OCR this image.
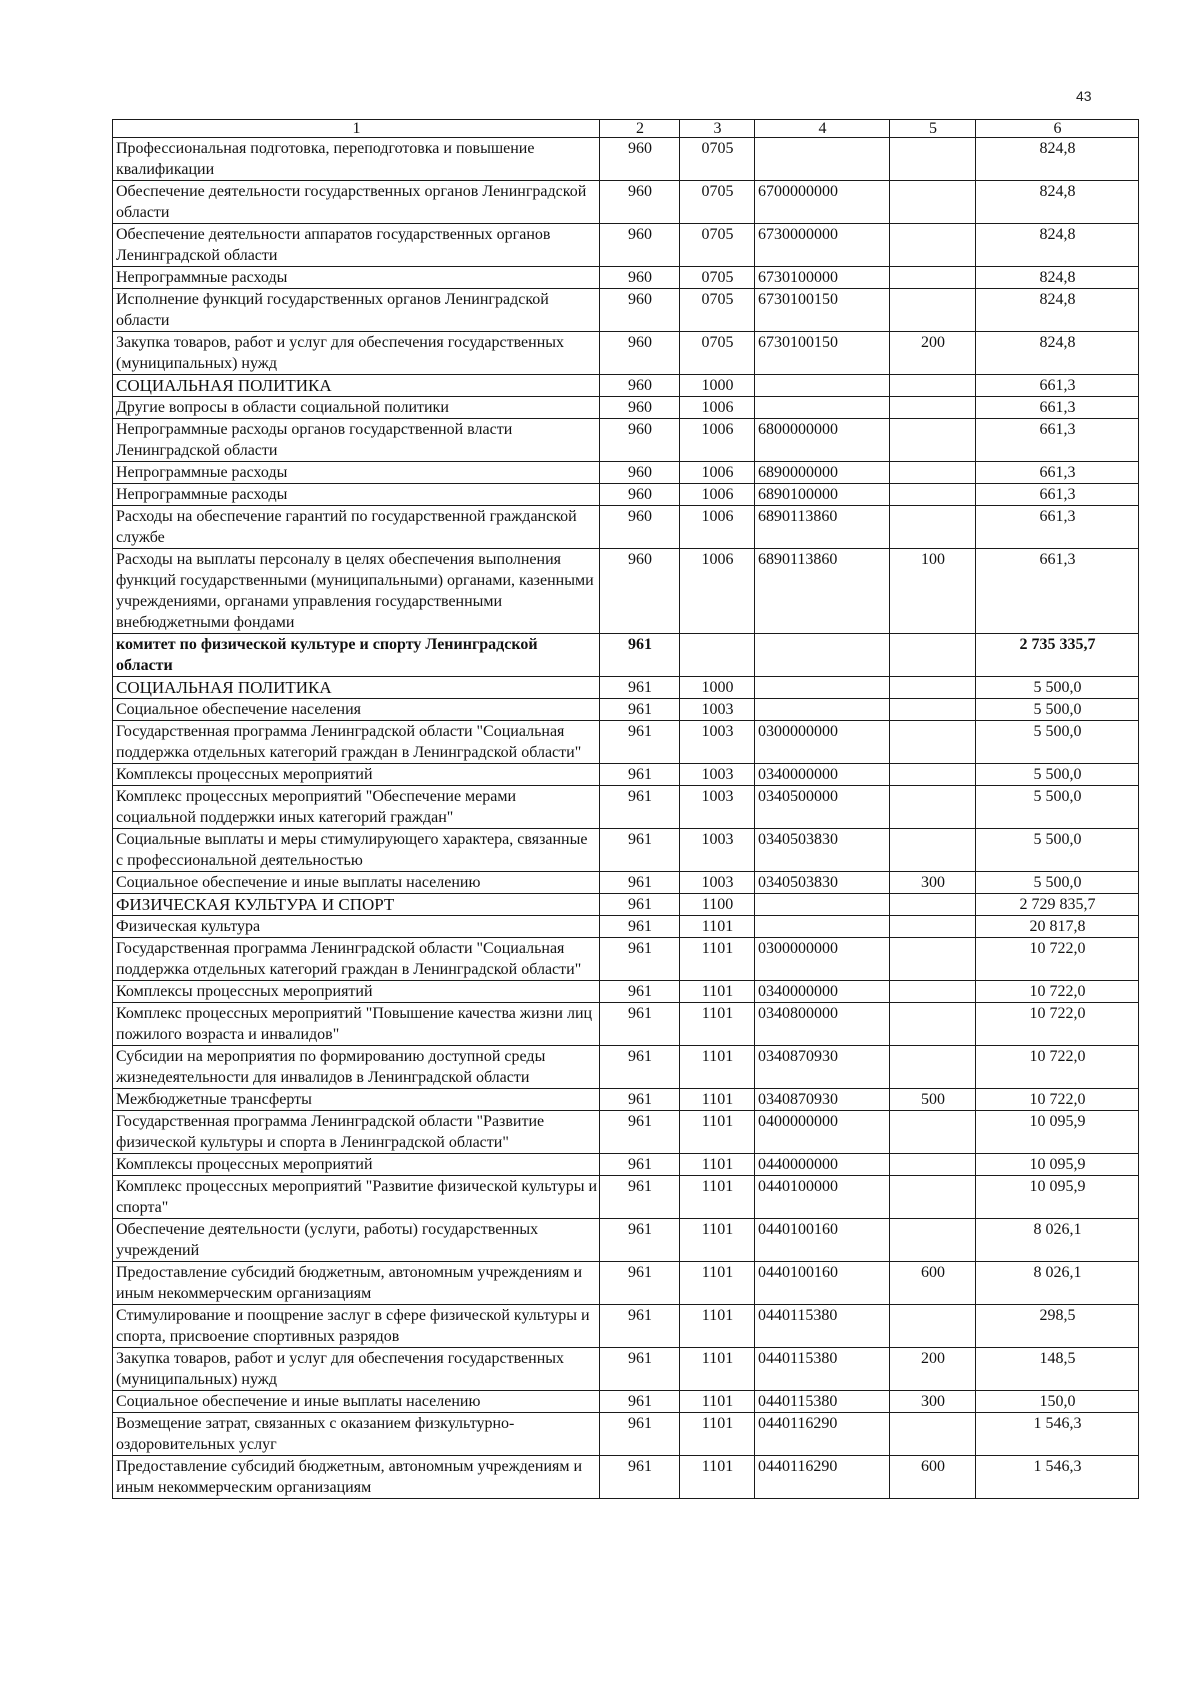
43
1	2	3	4	5	6
Профессиональная подготовка, переподготовка и повышение квалификации	960	0705			824,8
Обеспечение деятельности государственных органов Ленинградской области	960	0705	6700000000		824,8
Обеспечение деятельности аппаратов государственных органов Ленинградской области	960	0705	6730000000		824,8
Непрограммные расходы	960	0705	6730100000		824,8
Исполнение функций государственных органов Ленинградской области	960	0705	6730100150		824,8
Закупка товаров, работ и услуг для обеспечения государственных (муниципальных) нужд	960	0705	6730100150	200	824,8
СОЦИАЛЬНАЯ ПОЛИТИКА	960	1000			661,3
Другие вопросы в области социальной политики	960	1006			661,3
Непрограммные расходы органов государственной власти Ленинградской области	960	1006	6800000000		661,3
Непрограммные расходы	960	1006	6890000000		661,3
Непрограммные расходы	960	1006	6890100000		661,3
Расходы на обеспечение гарантий по государственной гражданской службе	960	1006	6890113860		661,3
Расходы на выплаты персоналу в целях обеспечения выполнения функций государственными (муниципальными) органами, казенными учреждениями, органами управления государственными внебюджетными фондами	960	1006	6890113860	100	661,3
комитет по физической культуре и спорту Ленинградской области	961				2 735 335,7
СОЦИАЛЬНАЯ ПОЛИТИКА	961	1000			5 500,0
Социальное обеспечение населения	961	1003			5 500,0
Государственная программа Ленинградской области "Социальная поддержка отдельных категорий граждан в Ленинградской области"	961	1003	0300000000		5 500,0
Комплексы процессных мероприятий	961	1003	0340000000		5 500,0
Комплекс процессных мероприятий "Обеспечение мерами социальной поддержки иных категорий граждан"	961	1003	0340500000		5 500,0
Социальные выплаты и меры стимулирующего характера, связанные с профессиональной деятельностью	961	1003	0340503830		5 500,0
Социальное обеспечение и иные выплаты населению	961	1003	0340503830	300	5 500,0
ФИЗИЧЕСКАЯ КУЛЬТУРА И СПОРТ	961	1100			2 729 835,7
Физическая культура	961	1101			20 817,8
Государственная программа Ленинградской области "Социальная поддержка отдельных категорий граждан в Ленинградской области"	961	1101	0300000000		10 722,0
Комплексы процессных мероприятий	961	1101	0340000000		10 722,0
Комплекс процессных мероприятий "Повышение качества жизни лиц пожилого возраста и инвалидов"	961	1101	0340800000		10 722,0
Субсидии на мероприятия по формированию доступной среды жизнедеятельности для инвалидов в Ленинградской области	961	1101	0340870930		10 722,0
Межбюджетные трансферты	961	1101	0340870930	500	10 722,0
Государственная программа Ленинградской области "Развитие физической культуры и спорта в Ленинградской области"	961	1101	0400000000		10 095,9
Комплексы процессных мероприятий	961	1101	0440000000		10 095,9
Комплекс процессных мероприятий "Развитие физической культуры и спорта"	961	1101	0440100000		10 095,9
Обеспечение деятельности (услуги, работы) государственных учреждений	961	1101	0440100160		8 026,1
Предоставление субсидий бюджетным, автономным учреждениям и иным некоммерческим организациям	961	1101	0440100160	600	8 026,1
Стимулирование и поощрение заслуг в сфере физической культуры и спорта, присвоение спортивных разрядов	961	1101	0440115380		298,5
Закупка товаров, работ и услуг для обеспечения государственных (муниципальных) нужд	961	1101	0440115380	200	148,5
Социальное обеспечение и иные выплаты населению	961	1101	0440115380	300	150,0
Возмещение затрат, связанных с оказанием физкультурно-оздоровительных услуг	961	1101	0440116290		1 546,3
Предоставление субсидий бюджетным, автономным учреждениям и иным некоммерческим организациям	961	1101	0440116290	600	1 546,3
